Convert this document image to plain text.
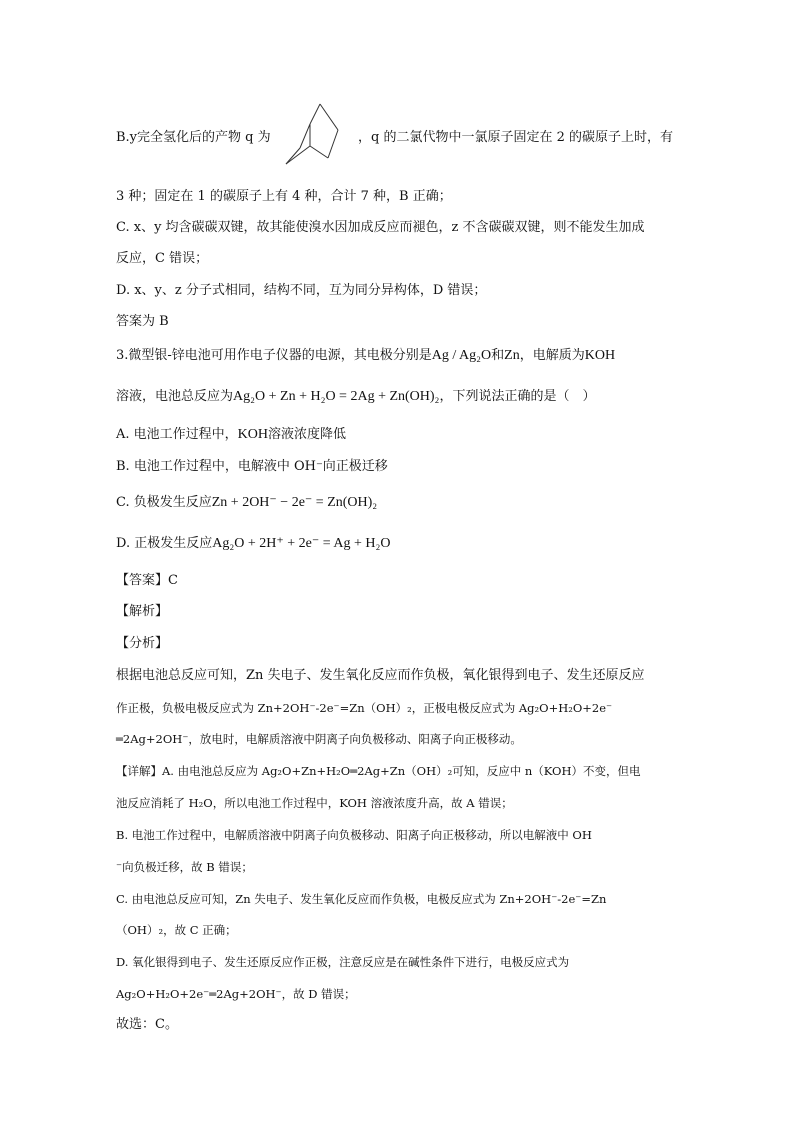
B.y完全氢化后的产物 q 为	，q 的二氯代物中一氯原子固定在 2 的碳原子上时，有
3 种；固定在 1 的碳原子上有 4 种，合计 7 种，B 正确；
C. x、y 均含碳碳双键，故其能使溴水因加成反应而褪色，z 不含碳碳双键，则不能发生加成
反应，C 错误；
D. x、y、z 分子式相同，结构不同，互为同分异构体，D 错误；
答案为 B
3.微型银-锌电池可用作电子仪器的电源，其电极分别是Ag / Ag₂O和Zn，电解质为KOH
溶液，电池总反应为Ag₂O + Zn + H₂O = 2Ag + Zn(OH)₂，下列说法正确的是（　）
A. 电池工作过程中，KOH溶液浓度降低
B. 电池工作过程中，电解液中 OH⁻向正极迁移
C. 负极发生反应Zn + 2OH⁻ − 2e⁻ = Zn(OH)₂
D. 正极发生反应Ag₂O + 2H⁺ + 2e⁻ = Ag + H₂O
【答案】C
【解析】
【分析】
根据电池总反应可知，Zn 失电子、发生氧化反应而作负极，氧化银得到电子、发生还原反应
作正极，负极电极反应式为 Zn+2OH⁻-2e⁻=Zn（OH）₂，正极电极反应式为 Ag₂O+H₂O+2e⁻
═2Ag+2OH⁻，放电时，电解质溶液中阴离子向负极移动、阳离子向正极移动。
【详解】A. 由电池总反应为 Ag₂O+Zn+H₂O═2Ag+Zn（OH）₂可知，反应中 n（KOH）不变，但电
池反应消耗了 H₂O，所以电池工作过程中，KOH 溶液浓度升高，故 A 错误；
B. 电池工作过程中，电解质溶液中阴离子向负极移动、阳离子向正极移动，所以电解液中 OH
⁻向负极迁移，故 B 错误；
C. 由电池总反应可知，Zn 失电子、发生氧化反应而作负极，电极反应式为 Zn+2OH⁻-2e⁻=Zn
（OH）₂，故 C 正确；
D. 氧化银得到电子、发生还原反应作正极，注意反应是在碱性条件下进行，电极反应式为
Ag₂O+H₂O+2e⁻═2Ag+2OH⁻，故 D 错误；
故选：C。
